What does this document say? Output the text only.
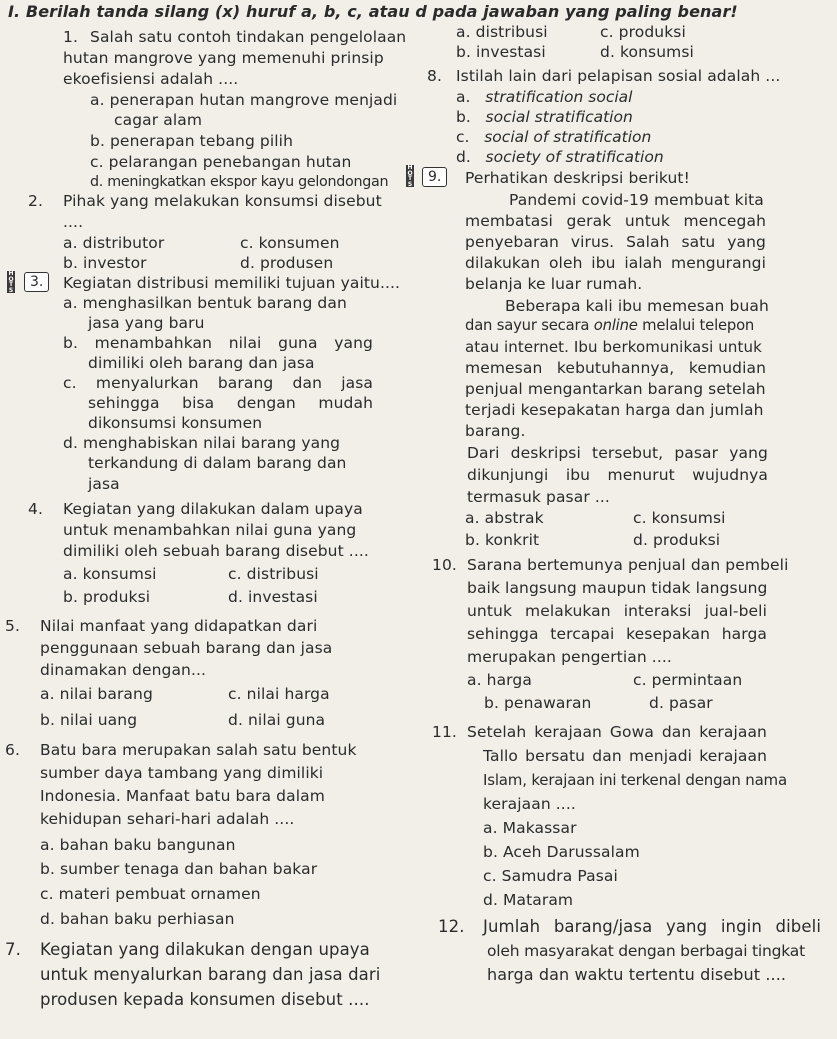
I. Berilah tanda silang (x) huruf a, b, c, atau d pada jawaban yang paling benar!
1. Salah satu contoh tindakan pengelolaan
hutan mangrove yang memenuhi prinsip
ekoefisiensi adalah ....
a. penerapan hutan mangrove menjadi
cagar alam
b. penerapan tebang pilih
c. pelarangan penebangan hutan
d. meningkatkan ekspor kayu gelondongan
2. Pihak yang melakukan konsumsi disebut
....
a. distributor	c. konsumen
b. investor	d. produsen
H
O
T
S	3.	Kegiatan distribusi memiliki tujuan yaitu....
a. menghasilkan bentuk barang dan
jasa yang baru
b. menambahkan nilai guna yang
dimiliki oleh barang dan jasa
c. menyalurkan barang dan jasa
sehingga bisa dengan mudah
dikonsumsi konsumen
d. menghabiskan nilai barang yang
terkandung di dalam barang dan
jasa
4. Kegiatan yang dilakukan dalam upaya
untuk menambahkan nilai guna yang
dimiliki oleh sebuah barang disebut ....
a. konsumsi	c. distribusi
b. produksi	d. investasi
5. Nilai manfaat yang didapatkan dari
penggunaan sebuah barang dan jasa
dinamakan dengan...
a. nilai barang	c. nilai harga
b. nilai uang	d. nilai guna
6. Batu bara merupakan salah satu bentuk
sumber daya tambang yang dimiliki
Indonesia. Manfaat batu bara dalam
kehidupan sehari-hari adalah ....
a. bahan baku bangunan
b. sumber tenaga dan bahan bakar
c. materi pembuat ornamen
d. bahan baku perhiasan
7. Kegiatan yang dilakukan dengan upaya
untuk menyalurkan barang dan jasa dari
produsen kepada konsumen disebut ....
a. distribusi	c. produksi
b. investasi	d. konsumsi
8. Istilah lain dari pelapisan sosial adalah ...
a.   stratification social
b.   social stratification
c.   social of stratification
d.   society of stratification
H
O
T
S	9.	Perhatikan deskripsi berikut!
Pandemi covid-19 membuat kita
membatasi gerak untuk mencegah
penyebaran virus. Salah satu yang
dilakukan oleh ibu ialah mengurangi
belanja ke luar rumah.
Beberapa kali ibu memesan buah
dan sayur secara online melalui telepon
atau internet. Ibu berkomunikasi untuk
memesan kebutuhannya, kemudian
penjual mengantarkan barang setelah
terjadi kesepakatan harga dan jumlah
barang.
Dari deskripsi tersebut, pasar yang
dikunjungi ibu menurut wujudnya
termasuk pasar ...
a. abstrak	c. konsumsi
b. konkrit	d. produksi
10. Sarana bertemunya penjual dan pembeli
baik langsung maupun tidak langsung
untuk melakukan interaksi jual-beli
sehingga tercapai kesepakan harga
merupakan pengertian ....
a. harga	c. permintaan
b. penawaran	d. pasar
11. Setelah kerajaan Gowa dan kerajaan
Tallo bersatu dan menjadi kerajaan
Islam, kerajaan ini terkenal dengan nama
kerajaan ....
a. Makassar
b. Aceh Darussalam
c. Samudra Pasai
d. Mataram
12. Jumlah barang/jasa yang ingin dibeli
oleh masyarakat dengan berbagai tingkat
harga dan waktu tertentu disebut ....
